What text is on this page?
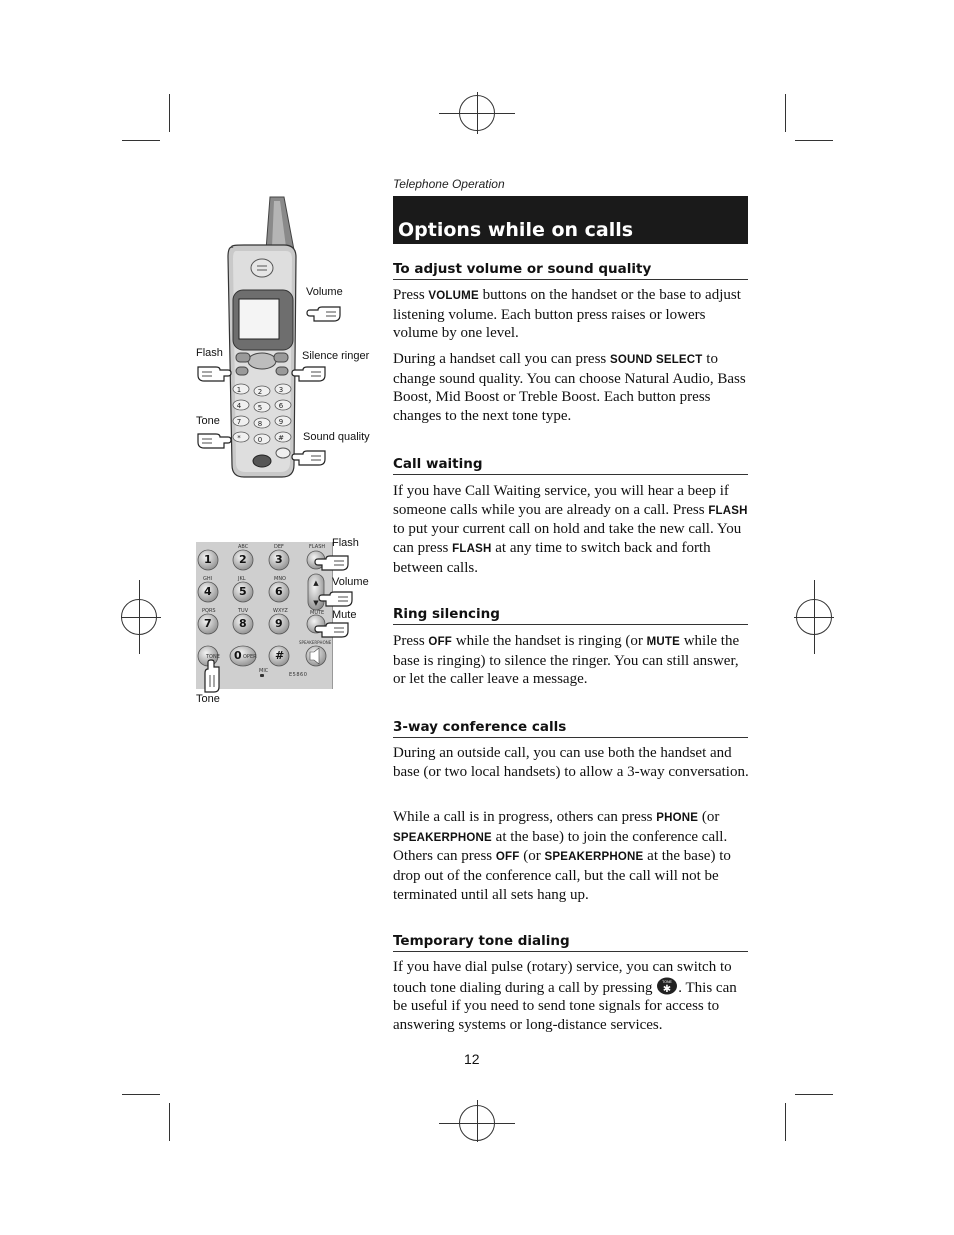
Telephone Operation
Options while on calls
To adjust volume or sound quality
Press VOLUME buttons on the handset or the base to adjust listening volume. Each button press raises or lowers volume by one level.
During a handset call you can press SOUND SELECT to change sound quality. You can choose Natural Audio, Bass Boost, Mid Boost or Treble Boost. Each button press changes to the next tone type.
Call waiting
If you have Call Waiting service, you will hear a beep if someone calls while you are already on a call. Press FLASH to put your current call on hold and take the new call. You can press FLASH at any time to switch back and forth between calls.
Ring silencing
Press OFF while the handset is ringing (or MUTE while the base is ringing) to silence the ringer. You can still answer, or let the caller leave a message.
3-way conference calls
During an outside call, you can use both the handset and base (or two local handsets) to allow a 3-way conversation.
While a call is in progress, others can press PHONE (or SPEAKERPHONE at the base) to join the conference call. Others can press OFF (or SPEAKERPHONE at the base) to drop out of the conference call, but the call will not be terminated until all sets hang up.
Temporary tone dialing
If you have dial pulse (rotary) service, you can switch to touch tone dialing during a call by pressing TONE
✱ . This can be useful if you need to send tone signals for access to answering systems or long-distance services.
12
1 2 3
4 5 6
7 8 9
* 0 #
Volume
Flash	Silence ringer
Tone
Sound quality
▲
▼
1 2	3
4 5	6
7 8	9
0	#
ABC	DEF
GHI	JKL	MNO
PQRS	TUV	WXYZ
FLASH
MUTE
TONE	OPER
SPEAKERPHONE
MIC
E5860
Flash
Volume
Mute
Tone
